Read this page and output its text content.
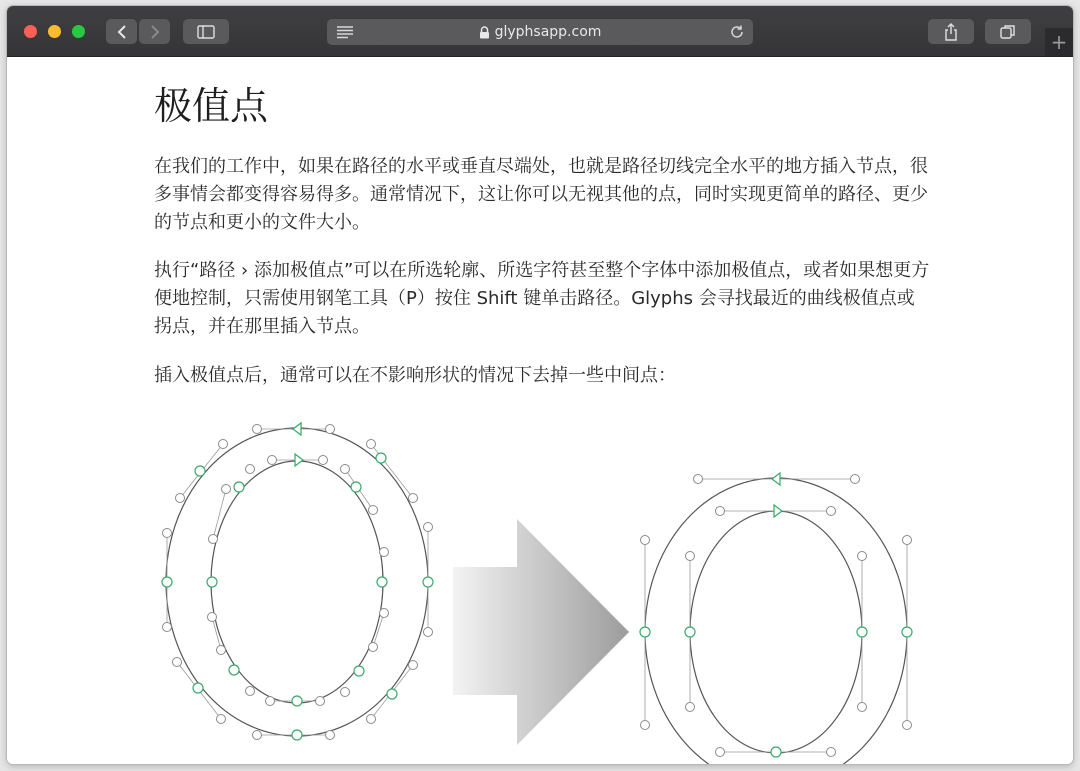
glyphsapp.com	+
极值点

在我们的工作中，如果在路径的水平或垂直尽端处，也就是路径切线完全水平的地方插入节点，很多事情会都变得容易得多。通常情况下，这让你可以无视其他的点，同时实现更简单的路径、更少的节点和更小的文件大小。

执行“路径 › 添加极值点”可以在所选轮廓、所选字符甚至整个字体中添加极值点，或者如果想更方便地控制，只需使用钢笔工具（P）按住 Shift 键单击路径。Glyphs 会寻找最近的曲线极值点或拐点，并在那里插入节点。

插入极值点后，通常可以在不影响形状的情况下去掉一些中间点：
